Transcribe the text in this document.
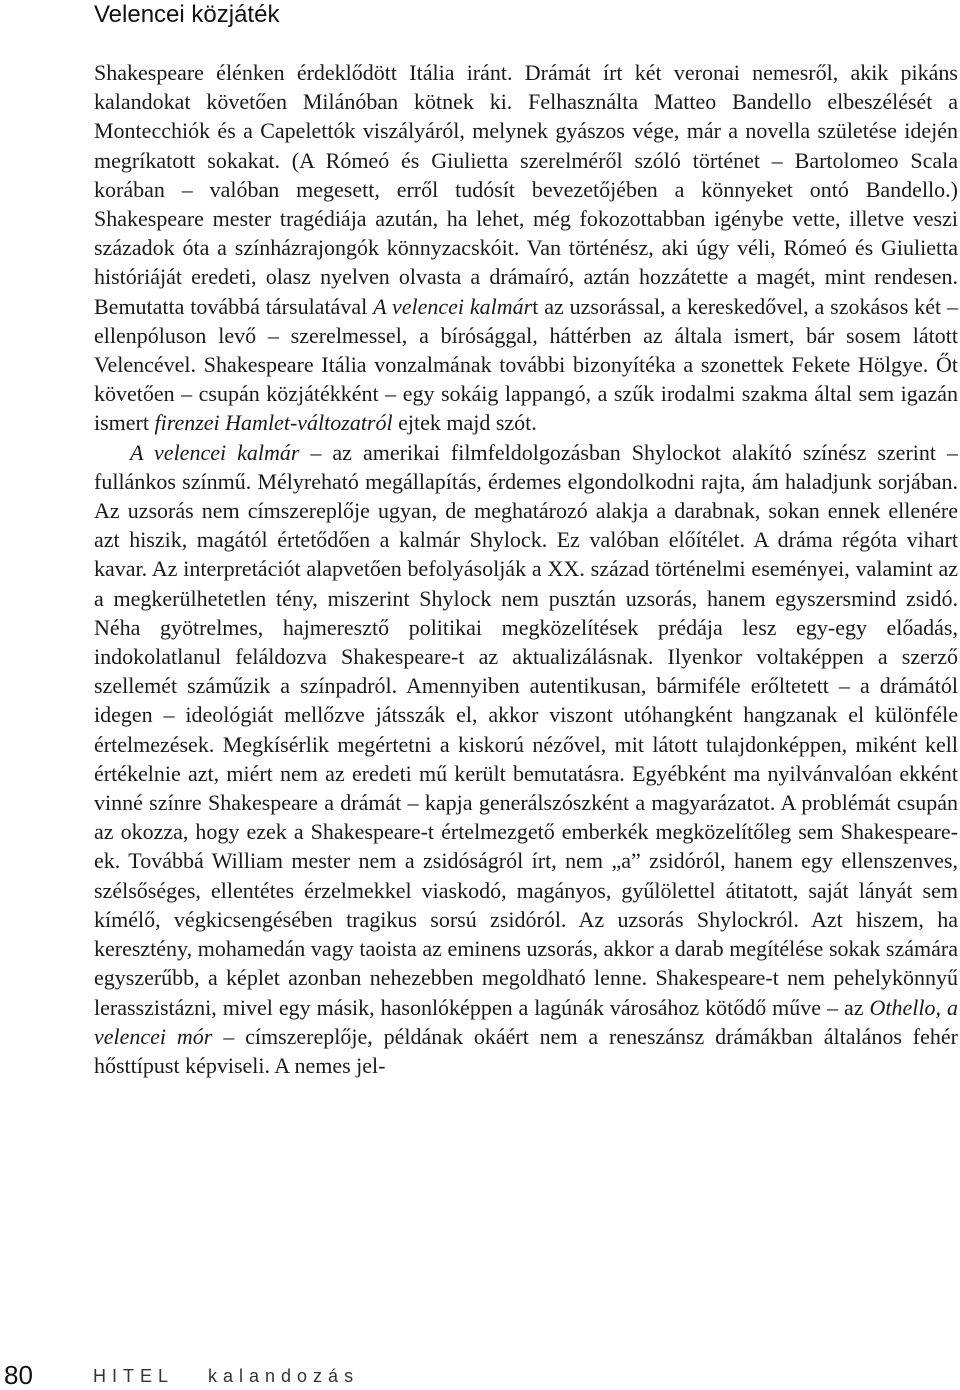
Velencei közjáték

Shakespeare élénken érdeklődött Itália iránt. Drámát írt két veronai nemesről, akik pikáns kalandokat követően Milánóban kötnek ki. Felhasználta Matteo Bandello elbeszélését a Montecchiók és a Capelettók viszályáról, melynek gyászos vége, már a novella születése idején megríkatott sokakat. (A Rómeó és Giulietta szerelméről szóló történet – Bartolomeo Scala korában – valóban megesett, erről tudósít bevezetőjében a könnyeket ontó Bandello.) Shakespeare mester tragédiája azután, ha lehet, még fokozottabban igénybe vette, illetve veszi századok óta a színházrajongók könnyzacskóit. Van történész, aki úgy véli, Rómeó és Giulietta históriáját eredeti, olasz nyelven olvasta a drámaíró, aztán hozzátette a magét, mint rendesen. Bemutatta továbbá társulatával A velencei kalmárt az uzsorással, a kereskedővel, a szokásos két – ellenpóluson levő – szerelmessel, a bírósággal, háttérben az általa ismert, bár sosem látott Velencével. Shakespeare Itália vonzalmának további bizonyítéka a szonettek Fekete Hölgye. Őt követően – csupán közjátékként – egy sokáig lappangó, a szűk irodalmi szakma által sem igazán ismert firenzei Hamlet-változatról ejtek majd szót.

A velencei kalmár – az amerikai filmfeldolgozásban Shylockot alakító színész szerint – fullánkos színmű. Mélyreható megállapítás, érdemes elgondolkodni rajta, ám haladjunk sorjában. Az uzsorás nem címszereplője ugyan, de meghatározó alakja a darabnak, sokan ennek ellenére azt hiszik, magától értetődően a kalmár Shylock. Ez valóban előítélet. A dráma régóta vihart kavar. Az interpretációt alapvetően befolyásolják a XX. század történelmi eseményei, valamint az a megkerülhetetlen tény, miszerint Shylock nem pusztán uzsorás, hanem egyszersmind zsidó. Néha gyötrelmes, hajmeresztő politikai megközelítések prédája lesz egy-egy előadás, indokolatlanul feláldozva Shakespeare-t az aktualizálásnak. Ilyenkor voltaképpen a szerző szellemét száműzik a színpadról. Amennyiben autentikusan, bármiféle erőltetett – a drámától idegen – ideológiát mellőzve játsszák el, akkor viszont utóhangként hangzanak el különféle értelmezések. Megkísérlik megértetni a kiskorú nézővel, mit látott tulajdonképpen, miként kell értékelnie azt, miért nem az eredeti mű került bemutatásra. Egyébként ma nyilvánvalóan ekként vinné színre Shakespeare a drámát – kapja generálszószként a magyarázatot. A problémát csupán az okozza, hogy ezek a Shakespeare-t értelmezgető emberkék megközelítőleg sem Shakespeare-ek. Továbbá William mester nem a zsidóságról írt, nem „a” zsidóról, hanem egy ellenszenves, szélsőséges, ellentétes érzelmekkel viaskodó, magányos, gyűlölettel átitatott, saját lányát sem kímélő, végkicsengésében tragikus sorsú zsidóról. Az uzsorás Shylockról. Azt hiszem, ha keresztény, mohamedán vagy taoista az eminens uzsorás, akkor a darab megítélése sokak számára egyszerűbb, a képlet azonban nehezebben megoldható lenne. Shakespeare-t nem pehelykönnyű lerasszistázni, mivel egy másik, hasonlóképpen a lagúnák városához kötődő műve – az Othello, a velencei mór – címszereplője, példának okáért nem a reneszánsz drámákban általános fehér hősttípust képviseli. A nemes jel-

80	HITEL kalandozás
